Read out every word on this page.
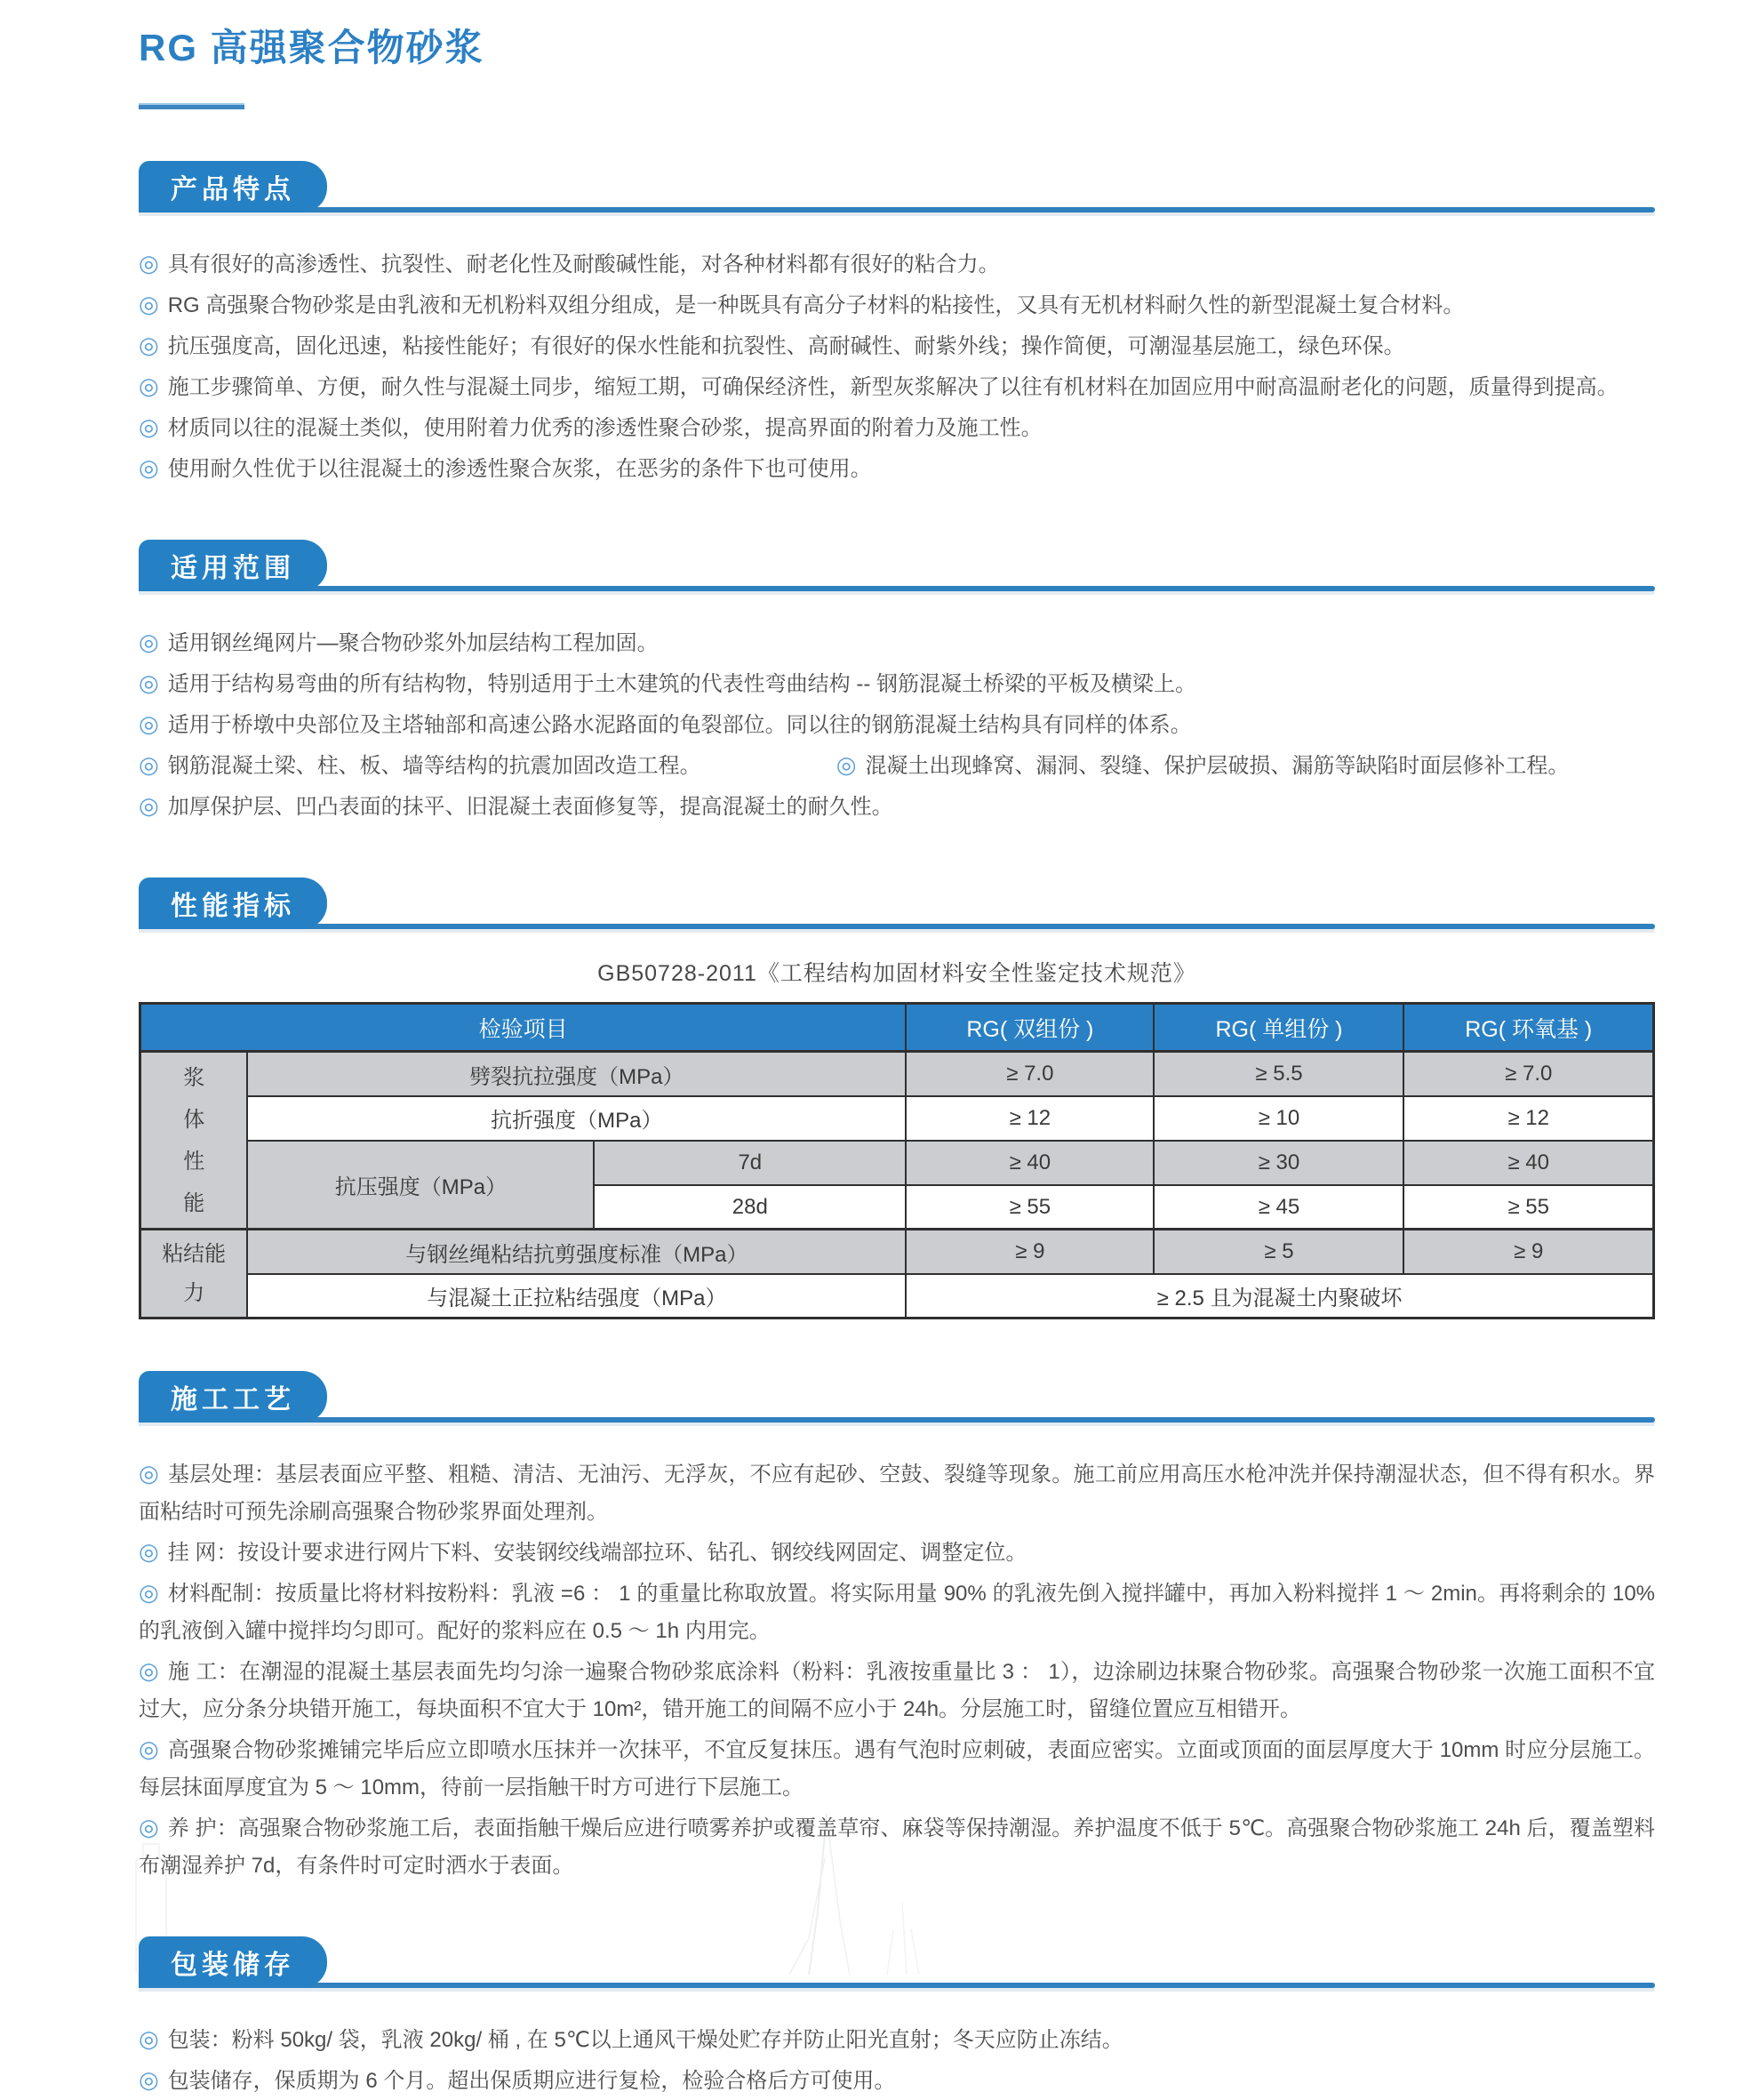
RG 高强聚合物砂浆
产品特点

◎ 具有很好的高渗透性、抗裂性、耐老化性及耐酸碱性能，对各种材料都有很好的粘合力。

◎ RG 高强聚合物砂浆是由乳液和无机粉料双组分组成，是一种既具有高分子材料的粘接性，又具有无机材料耐久性的新型混凝土复合材料。

◎ 抗压强度高，固化迅速，粘接性能好；有很好的保水性能和抗裂性、高耐碱性、耐紫外线；操作简便，可潮湿基层施工，绿色环保。

◎ 施工步骤简单、方便，耐久性与混凝土同步，缩短工期，可确保经济性，新型灰浆解决了以往有机材料在加固应用中耐高温耐老化的问题，质量得到提高。

◎ 材质同以往的混凝土类似，使用附着力优秀的渗透性聚合砂浆，提高界面的附着力及施工性。

◎ 使用耐久性优于以往混凝土的渗透性聚合灰浆，在恶劣的条件下也可使用。

适用范围

◎ 适用钢丝绳网片—聚合物砂浆外加层结构工程加固。

◎ 适用于结构易弯曲的所有结构物，特别适用于土木建筑的代表性弯曲结构 -- 钢筋混凝土桥梁的平板及横梁上。

◎ 适用于桥墩中央部位及主塔轴部和高速公路水泥路面的龟裂部位。同以往的钢筋混凝土结构具有同样的体系。

◎ 钢筋混凝土梁、柱、板、墙等结构的抗震加固改造工程。	◎ 混凝土出现蜂窝、漏洞、裂缝、保护层破损、漏筋等缺陷时面层修补工程。

◎ 加厚保护层、凹凸表面的抹平、旧混凝土表面修复等，提高混凝土的耐久性。

性能指标

GB50728-2011《工程结构加固材料安全性鉴定技术规范》

检验项目			RG( 双组份 )	RG( 单组份 )	RG( 环氧基 )
浆体性能	劈裂抗拉强度（MPa）		≥ 7.0	≥ 5.5	≥ 7.0
	抗折强度（MPa）		≥ 12	≥ 10	≥ 12
	抗压强度（MPa）	7d	≥ 40	≥ 30	≥ 40
		28d	≥ 55	≥ 45	≥ 55
粘结能力	与钢丝绳粘结抗剪强度标准（MPa）		≥ 9	≥ 5	≥ 9
	与混凝土正拉粘结强度（MPa）		≥ 2.5 且为混凝土内聚破坏		
施工工艺

◎ 基层处理：基层表面应平整、粗糙、清洁、无油污、无浮灰，不应有起砂、空鼓、裂缝等现象。施工前应用高压水枪冲洗并保持潮湿状态，但不得有积水。界面粘结时可预先涂刷高强聚合物砂浆界面处理剂。

◎ 挂 网：按设计要求进行网片下料、安装钢绞线端部拉环、钻孔、钢绞线网固定、调整定位。

◎ 材料配制：按质量比将材料按粉料：乳液 =6 ： 1 的重量比称取放置。将实际用量 90% 的乳液先倒入搅拌罐中，再加入粉料搅拌 1 ～ 2min。再将剩余的 10% 的乳液倒入罐中搅拌均匀即可。配好的浆料应在 0.5 ～ 1h 内用完。

◎ 施 工：在潮湿的混凝土基层表面先均匀涂一遍聚合物砂浆底涂料（粉料：乳液按重量比 3 ： 1），边涂刷边抹聚合物砂浆。高强聚合物砂浆一次施工面积不宜过大，应分条分块错开施工，每块面积不宜大于 10m²，错开施工的间隔不应小于 24h。分层施工时，留缝位置应互相错开。

◎ 高强聚合物砂浆摊铺完毕后应立即喷水压抹并一次抹平，不宜反复抹压。遇有气泡时应刺破，表面应密实。立面或顶面的面层厚度大于 10mm 时应分层施工。每层抹面厚度宜为 5 ～ 10mm，待前一层指触干时方可进行下层施工。

◎ 养 护：高强聚合物砂浆施工后，表面指触干燥后应进行喷雾养护或覆盖草帘、麻袋等保持潮湿。养护温度不低于 5℃。高强聚合物砂浆施工 24h 后，覆盖塑料布潮湿养护 7d，有条件时可定时洒水于表面。

包装储存

◎ 包装：粉料 50kg/ 袋，乳液 20kg/ 桶 , 在 5℃以上通风干燥处贮存并防止阳光直射；冬天应防止冻结。

◎ 包装储存，保质期为 6 个月。超出保质期应进行复检，检验合格后方可使用。
